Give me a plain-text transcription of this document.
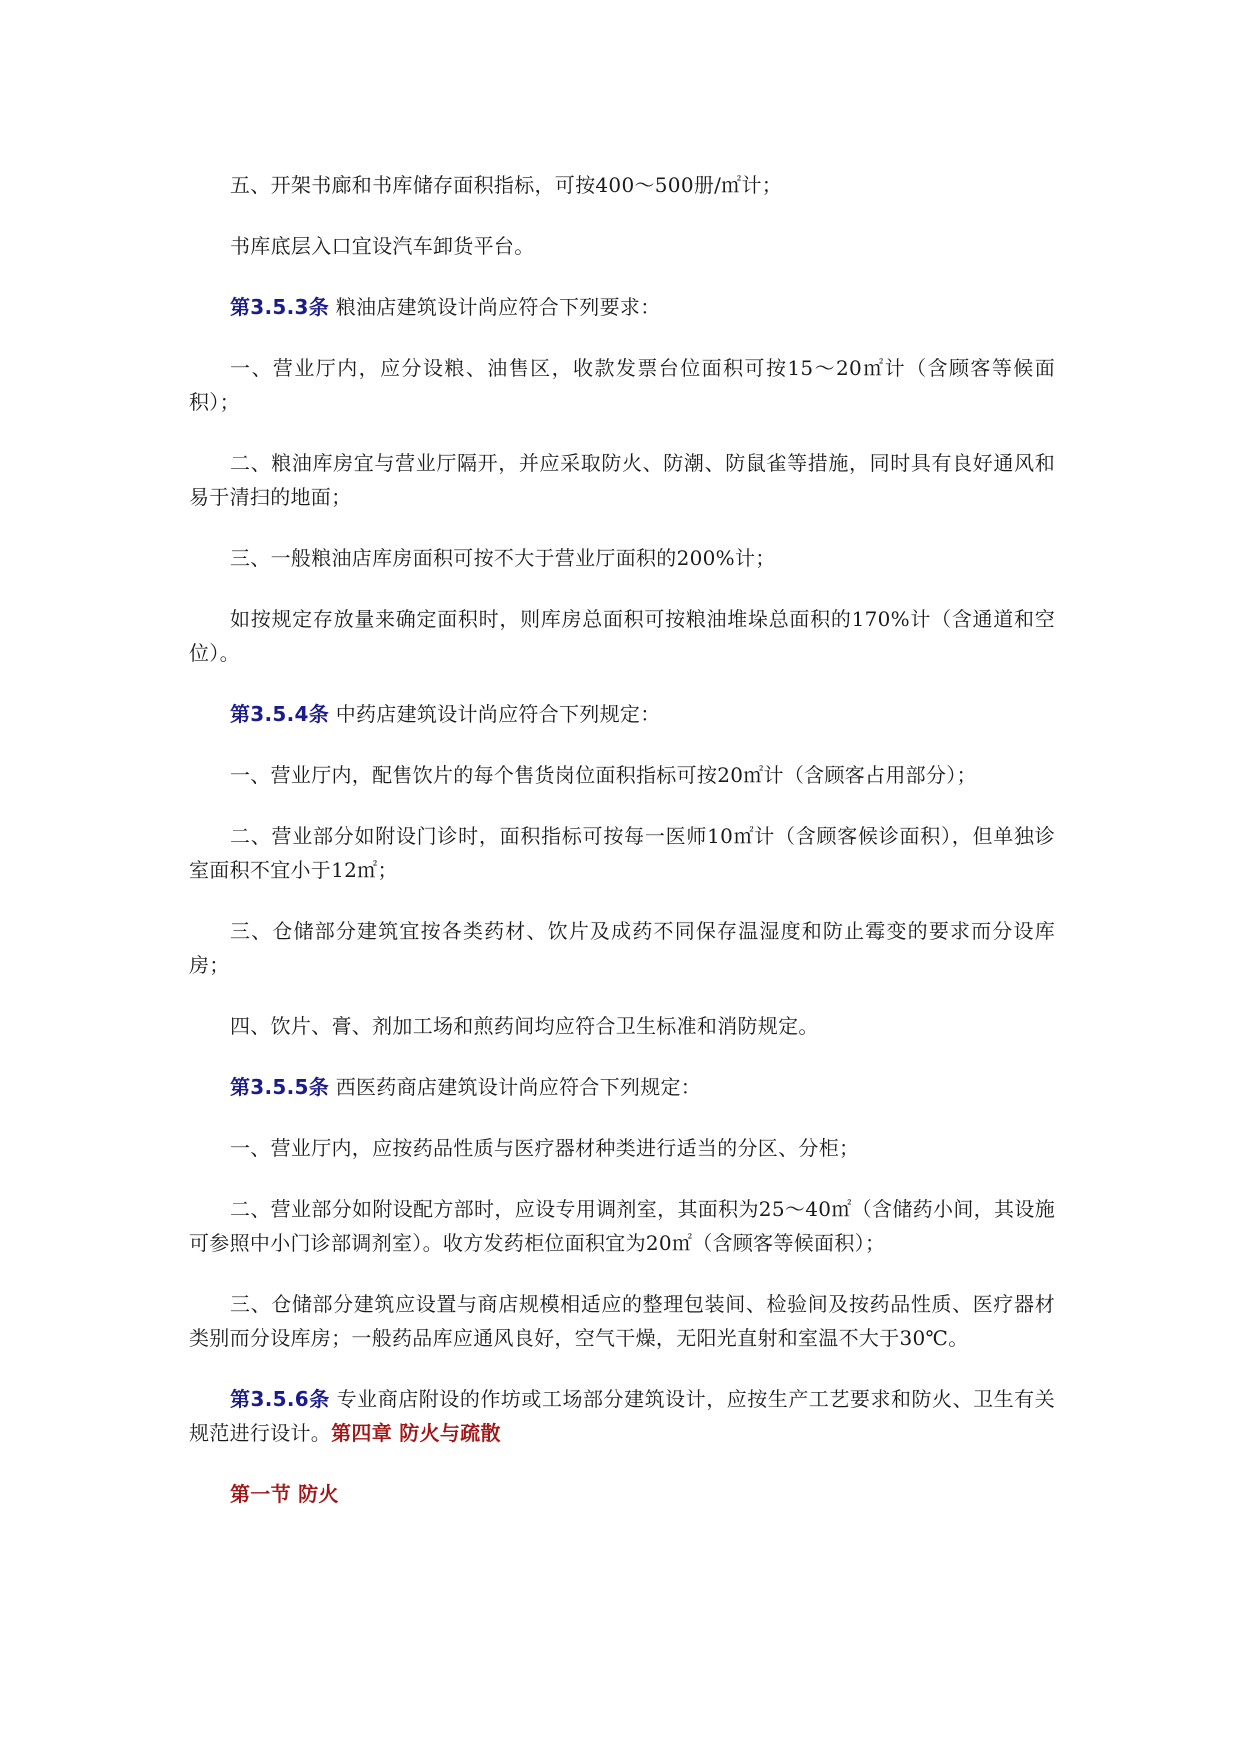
五、开架书廊和书库储存面积指标，可按400～500册/㎡计；

书库底层入口宜设汽车卸货平台。

第3.5.3条 粮油店建筑设计尚应符合下列要求：

一、营业厅内，应分设粮、油售区，收款发票台位面积可按15～20㎡计（含顾客等候面积）；

二、粮油库房宜与营业厅隔开，并应采取防火、防潮、防鼠雀等措施，同时具有良好通风和易于清扫的地面；

三、一般粮油店库房面积可按不大于营业厅面积的200%计；

如按规定存放量来确定面积时，则库房总面积可按粮油堆垛总面积的170%计（含通道和空位）。

第3.5.4条 中药店建筑设计尚应符合下列规定：

一、营业厅内，配售饮片的每个售货岗位面积指标可按20㎡计（含顾客占用部分）；

二、营业部分如附设门诊时，面积指标可按每一医师10㎡计（含顾客候诊面积），但单独诊室面积不宜小于12㎡；

三、仓储部分建筑宜按各类药材、饮片及成药不同保存温湿度和防止霉变的要求而分设库房；

四、饮片、膏、剂加工场和煎药间均应符合卫生标准和消防规定。

第3.5.5条 西医药商店建筑设计尚应符合下列规定：

一、营业厅内，应按药品性质与医疗器材种类进行适当的分区、分柜；

二、营业部分如附设配方部时，应设专用调剂室，其面积为25～40㎡（含储药小间，其设施可参照中小门诊部调剂室）。收方发药柜位面积宜为20㎡（含顾客等候面积）；

三、仓储部分建筑应设置与商店规模相适应的整理包装间、检验间及按药品性质、医疗器材类别而分设库房；一般药品库应通风良好，空气干燥，无阳光直射和室温不大于30℃。

第3.5.6条 专业商店附设的作坊或工场部分建筑设计，应按生产工艺要求和防火、卫生有关规范进行设计。第四章 防火与疏散

第一节 防火
